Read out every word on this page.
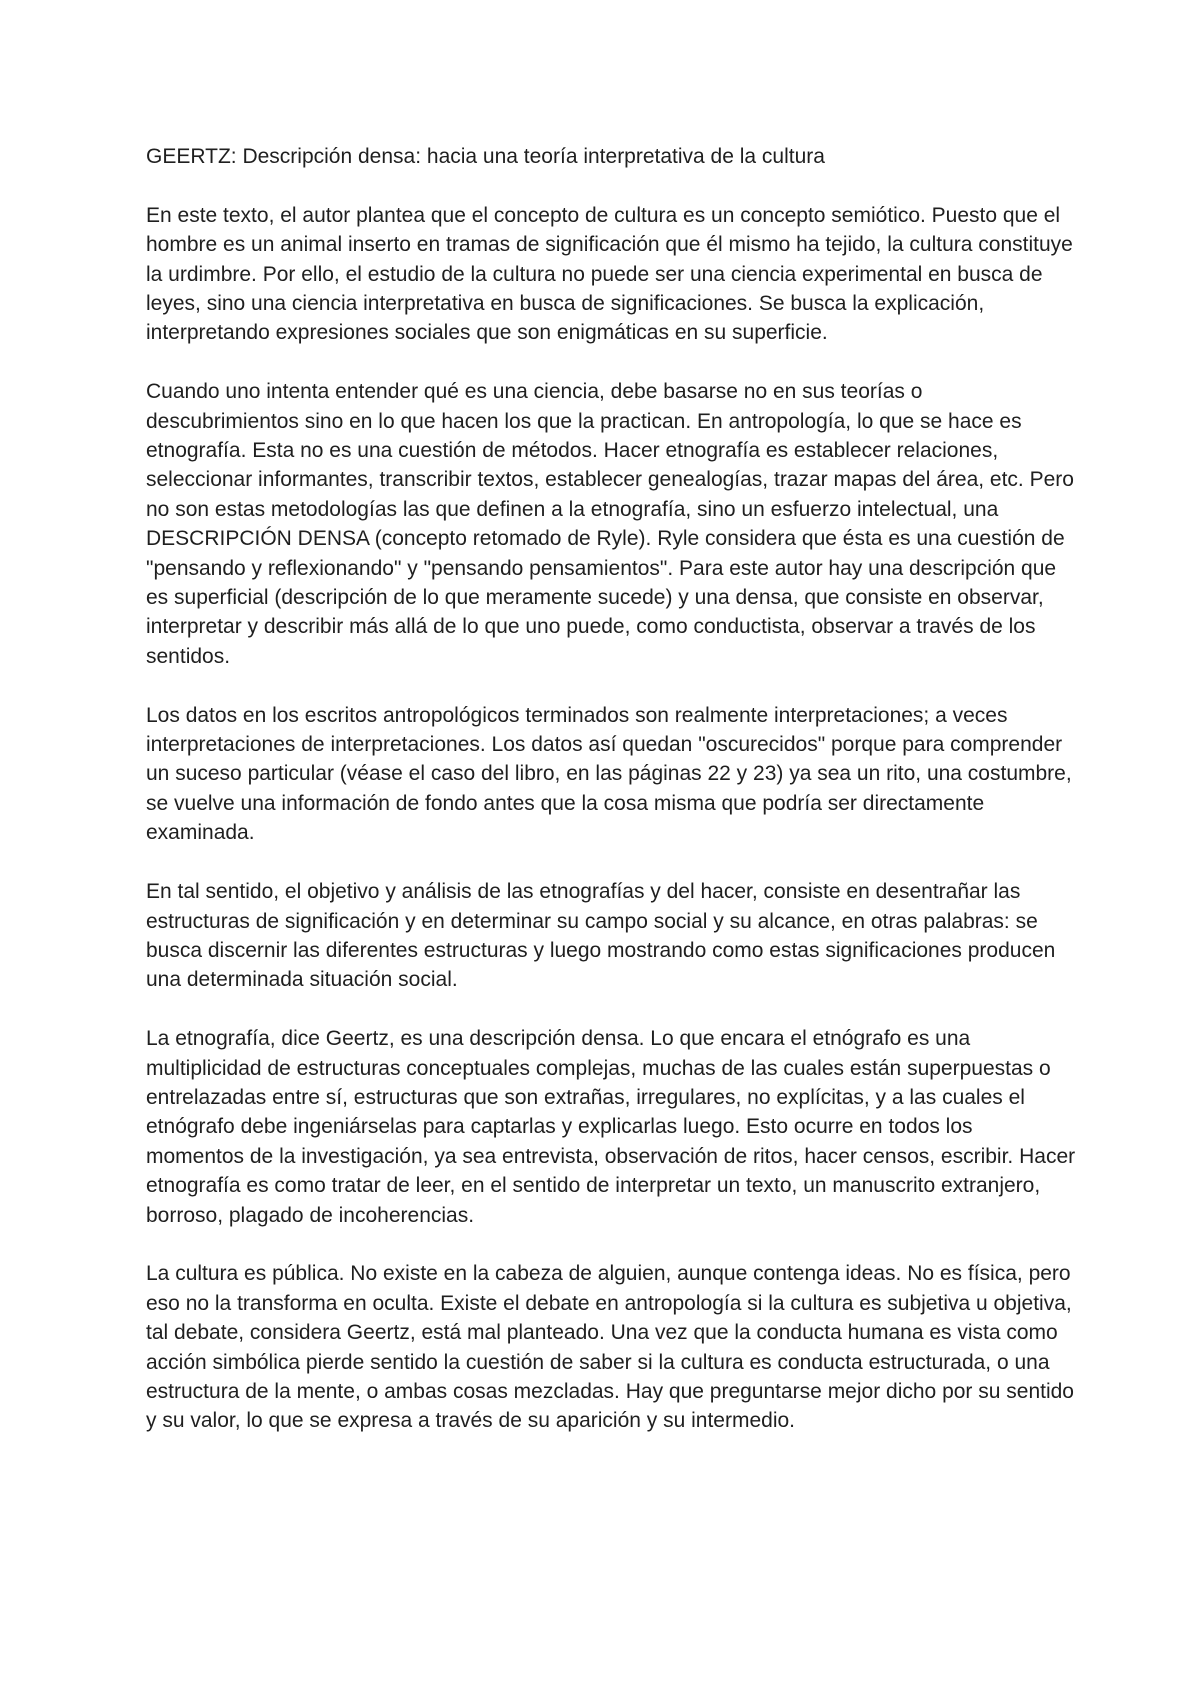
GEERTZ: Descripción densa: hacia una teoría interpretativa de la cultura

En este texto, el autor plantea que el concepto de cultura es un concepto semiótico. Puesto que el hombre es un animal inserto en tramas de significación que él mismo ha tejido, la cultura constituye la urdimbre. Por ello, el estudio de la cultura no puede ser una ciencia experimental en busca de leyes, sino una ciencia interpretativa en busca de significaciones. Se busca la explicación, interpretando expresiones sociales que son enigmáticas en su superficie.

Cuando uno intenta entender qué es una ciencia, debe basarse no en sus teorías o descubrimientos sino en lo que hacen los que la practican. En antropología, lo que se hace es etnografía. Esta no es una cuestión de métodos. Hacer etnografía es establecer relaciones, seleccionar informantes, transcribir textos, establecer genealogías, trazar mapas del área, etc. Pero no son estas metodologías las que definen a la etnografía, sino un esfuerzo intelectual, una DESCRIPCIÓN DENSA (concepto retomado de Ryle). Ryle considera que ésta es una cuestión de "pensando y reflexionando" y "pensando pensamientos". Para este autor hay una descripción que es superficial (descripción de lo que meramente sucede) y una densa, que consiste en observar, interpretar y describir más allá de lo que uno puede, como conductista, observar a través de los sentidos.

Los datos en los escritos antropológicos terminados son realmente interpretaciones; a veces interpretaciones de interpretaciones. Los datos así quedan "oscurecidos" porque para comprender un suceso particular (véase el caso del libro, en las páginas 22 y 23) ya sea un rito, una costumbre, se vuelve una información de fondo antes que la cosa misma que podría ser directamente examinada.

En tal sentido, el objetivo y análisis de las etnografías y del hacer, consiste en desentrañar las estructuras de significación y en determinar su campo social y su alcance, en otras palabras: se busca discernir las diferentes estructuras y luego mostrando como estas significaciones producen una determinada situación social.

La etnografía, dice Geertz, es una descripción densa. Lo que encara el etnógrafo es una multiplicidad de estructuras conceptuales complejas, muchas de las cuales están superpuestas o entrelazadas entre sí, estructuras que son extrañas, irregulares, no explícitas, y a las cuales el etnógrafo debe ingeniárselas para captarlas y explicarlas luego. Esto ocurre en todos los momentos de la investigación, ya sea entrevista, observación de ritos, hacer censos, escribir. Hacer etnografía es como tratar de leer, en el sentido de interpretar un texto, un manuscrito extranjero, borroso, plagado de incoherencias.

La cultura es pública. No existe en la cabeza de alguien, aunque contenga ideas. No es física, pero eso no la transforma en oculta. Existe el debate en antropología si la cultura es subjetiva u objetiva, tal debate, considera Geertz, está mal planteado. Una vez que la conducta humana es vista como acción simbólica pierde sentido la cuestión de saber si la cultura es conducta estructurada, o una estructura de la mente, o ambas cosas mezcladas. Hay que preguntarse mejor dicho por su sentido y su valor, lo que se expresa a través de su aparición y su intermedio.
